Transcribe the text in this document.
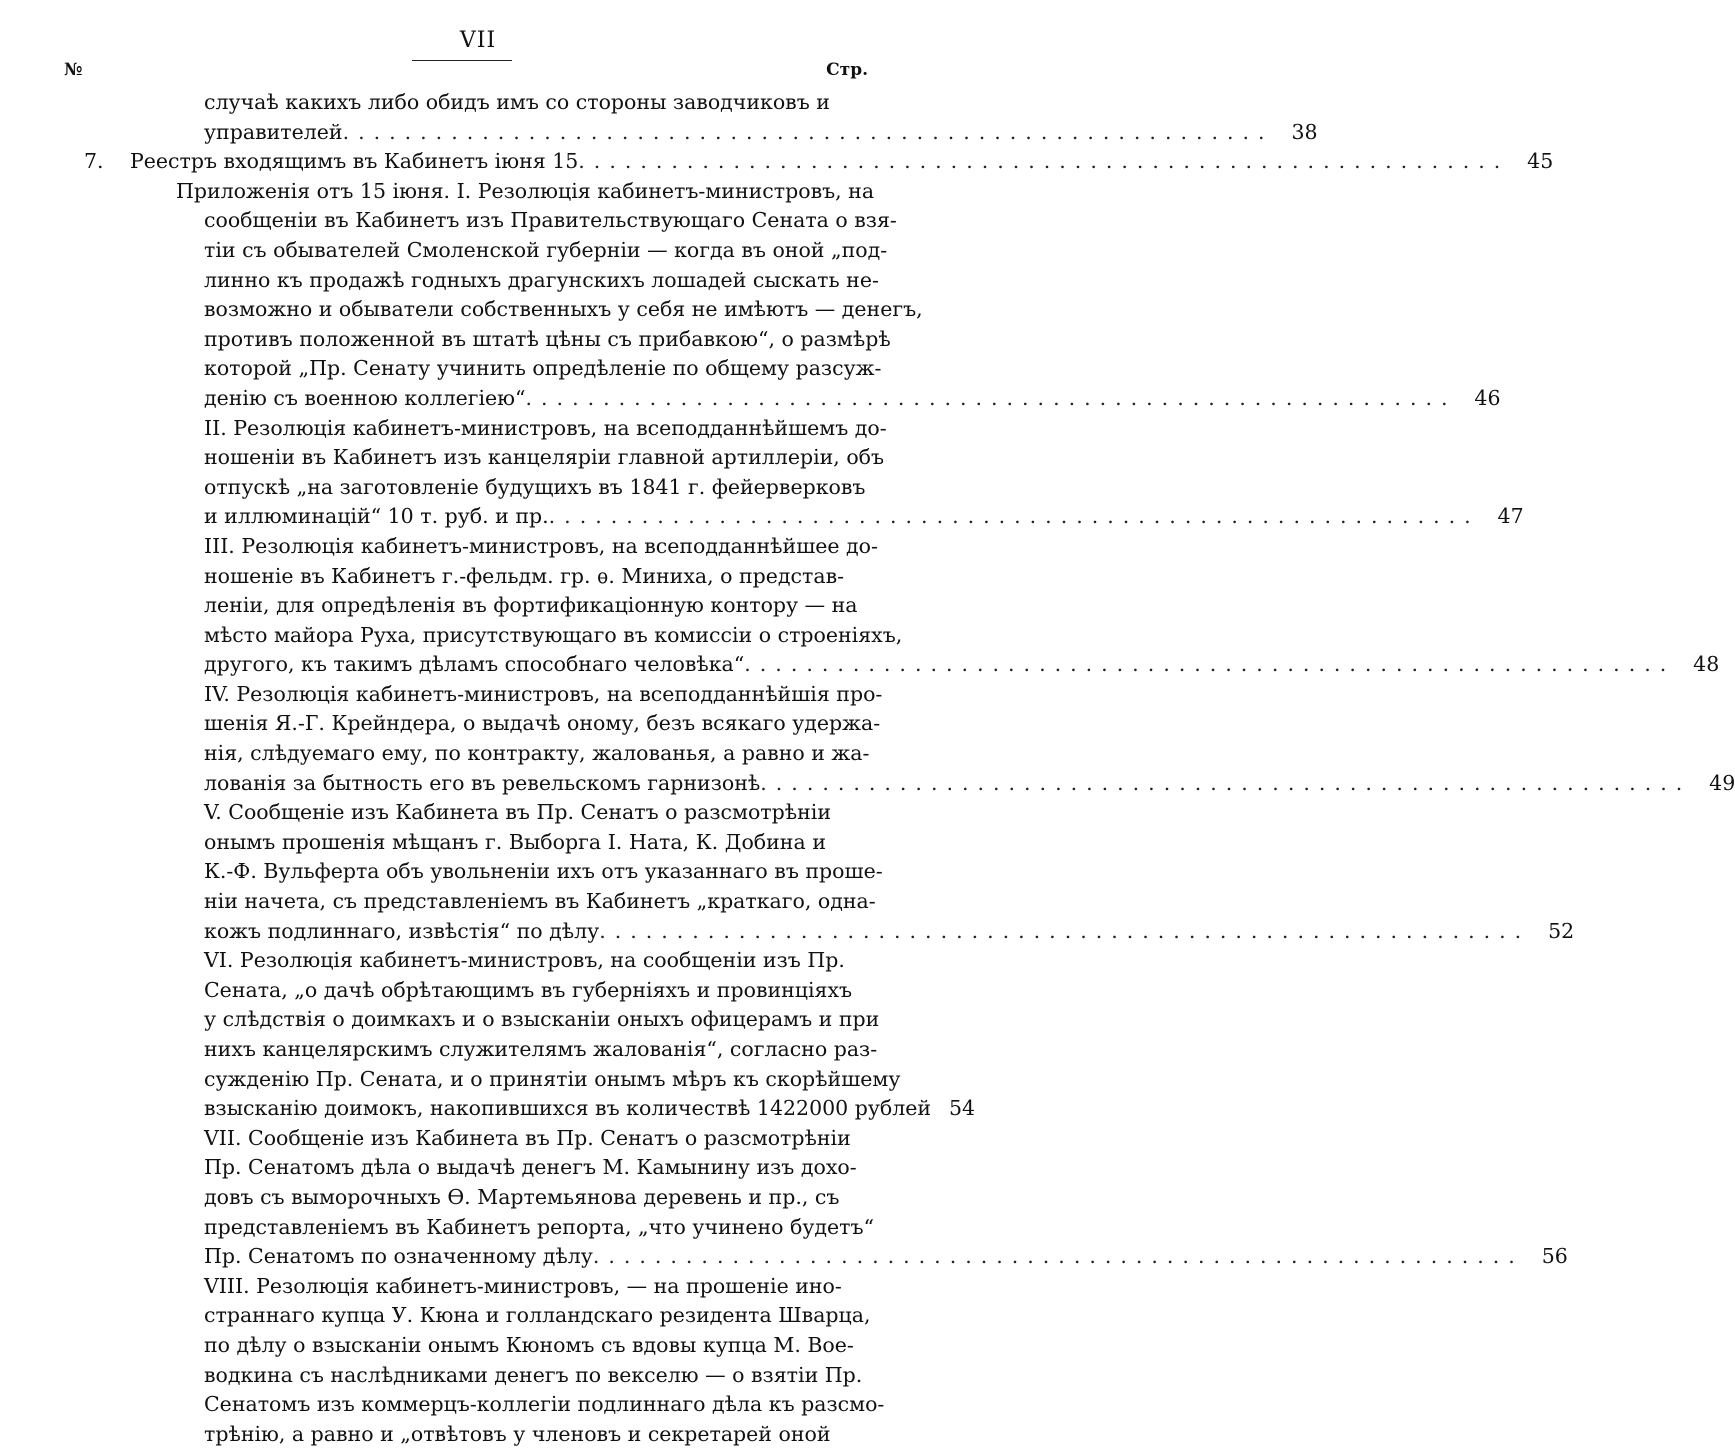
VII
№	Стр.
случаѣ какихъ либо обидъ имъ со стороны заводчиковъ и
управителей ............................................................ 38
7.	Реестръ входящимъ въ Кабинетъ іюня 15 ............................................................ 45
Приложенія отъ 15 іюня. I. Резолюція кабинетъ-министровъ, на
сообщеніи въ Кабинетъ изъ Правительствующаго Сената о взя-
тіи съ обывателей Смоленской губерніи — когда въ оной „под-
линно къ продажѣ годныхъ драгунскихъ лошадей сыскать не-
возможно и обыватели собственныхъ у себя не имѣютъ — денегъ,
противъ положенной въ штатѣ цѣны съ прибавкою“, о размѣрѣ
которой „Пр. Сенату учинить опредѣленіе по общему разсуж-
денію съ военною коллегіею“ ............................................................ 46
II. Резолюція кабинетъ-министровъ, на всеподданнѣйшемъ до-
ношеніи въ Кабинетъ изъ канцеляріи главной артиллеріи, объ
отпускѣ „на заготовленіе будущихъ въ 1841 г. фейерверковъ
и иллюминацій“ 10 т. руб. и пр. ............................................................ 47
III. Резолюція кабинетъ-министровъ, на всеподданнѣйшее до-
ношеніе въ Кабинетъ г.-фельдм. гр. ѳ. Миниха, о представ-
леніи, для опредѣленія въ фортификаціонную контору — на
мѣсто майора Руха, присутствующаго въ комиссіи о строеніяхъ,
другого, къ такимъ дѣламъ способнаго человѣка“ ............................................................ 48
IV. Резолюція кабинетъ-министровъ, на всеподданнѣйшія про-
шенія Я.-Г. Крейндера, о выдачѣ оному, безъ всякаго удержа-
нія, слѣдуемаго ему, по контракту, жалованья, а равно и жа-
лованія за бытность его въ ревельскомъ гарнизонѣ ............................................................ 49
V. Сообщеніе изъ Кабинета въ Пр. Сенатъ о разсмотрѣніи
онымъ прошенія мѣщанъ г. Выборга I. Ната, К. Добина и
К.-Ф. Вульферта объ увольненіи ихъ отъ указаннаго въ проше-
ніи начета, съ представленіемъ въ Кабинетъ „краткаго, одна-
кожъ подлиннаго, извѣстія“ по дѣлу ............................................................ 52
VI. Резолюція кабинетъ-министровъ, на сообщеніи изъ Пр.
Сената, „о дачѣ обрѣтающимъ въ губерніяхъ и провинціяхъ
у слѣдствія о доимкахъ и о взысканіи оныхъ офицерамъ и при
нихъ канцелярскимъ служителямъ жалованія“, согласно раз-
сужденію Пр. Сената, и о принятіи онымъ мѣръ къ скорѣйшему
взысканію доимокъ, накопившихся въ количествѣ 1422000 рублей 54
VII. Сообщеніе изъ Кабинета въ Пр. Сенатъ о разсмотрѣніи
Пр. Сенатомъ дѣла о выдачѣ денегъ М. Камынину изъ дохо-
довъ съ выморочныхъ Ѳ. Мартемьянова деревень и пр., съ
представленіемъ въ Кабинетъ репорта, „что учинено будетъ“
Пр. Сенатомъ по означенному дѣлу ............................................................ 56
VIII. Резолюція кабинетъ-министровъ, — на прошеніе ино-
страннаго купца У. Кюна и голландскаго резидента Шварца,
по дѣлу о взысканіи онымъ Кюномъ съ вдовы купца М. Вое-
водкина съ наслѣдниками денегъ по векселю — о взятіи Пр.
Сенатомъ изъ коммерцъ-коллегіи подлиннаго дѣла къ разсмо-
трѣнію, а равно и „отвѣтовъ у членовъ и секретарей оной
